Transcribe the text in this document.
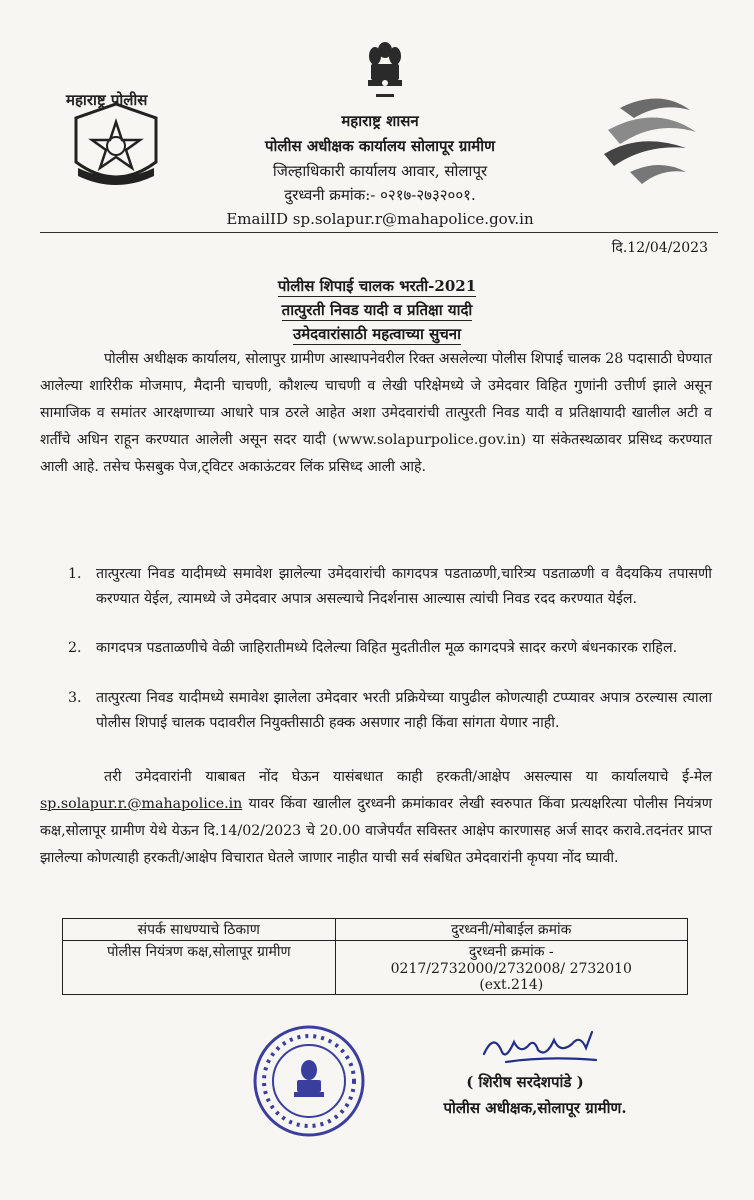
महाराष्ट्र पोलीस
महाराष्ट्र शासन
पोलीस अधीक्षक कार्यालय सोलापूर ग्रामीण
जिल्हाधिकारी कार्यालय आवार, सोलापूर
दुरध्वनी क्रमांक:- ०२१७-२७३२००१.
EmailID sp.solapur.r@mahapolice.gov.in
दि.12/04/2023
पोलीस शिपाई चालक भरती-2021
तात्पुरती निवड यादी व प्रतिक्षा यादी
उमेदवारांसाठी महत्वाच्या सुचना
पोलीस अधीक्षक कार्यालय, सोलापुर ग्रामीण आस्थापनेवरील रिक्त असलेल्या पोलीस शिपाई चालक 28 पदासाठी घेण्यात आलेल्या शारिरीक मोजमाप, मैदानी चाचणी, कौशल्य चाचणी व लेखी परिक्षेमध्ये जे उमेदवार विहित गुणांनी उत्तीर्ण झाले असून सामाजिक व समांतर आरक्षणाच्या आधारे पात्र ठरले आहेत अशा उमेदवारांची तात्पुरती निवड यादी व प्रतिक्षायादी खालील अटी व शर्तींचे अधिन राहून करण्यात आलेली असून सदर यादी (www.solapurpolice.gov.in) या संकेतस्थळावर प्रसिध्द करण्यात आली आहे. तसेच फेसबुक पेज,ट्विटर अकाऊंटवर लिंक प्रसिध्द आली आहे.
1. तात्पुरत्या निवड यादीमध्ये समावेश झालेल्या उमेदवारांची कागदपत्र पडताळणी,चारित्र्य पडताळणी व वैदयकिय तपासणी करण्यात येईल, त्यामध्ये जे उमेदवार अपात्र असल्याचे निदर्शनास आल्यास त्यांची निवड रदद करण्यात येईल.
2. कागदपत्र पडताळणीचे वेळी जाहिरातीमध्ये दिलेल्या विहित मुदतीतील मूळ कागदपत्रे सादर करणे बंधनकारक राहिल.
3. तात्पुरत्या निवड यादीमध्ये समावेश झालेला उमेदवार भरती प्रक्रियेच्या यापुढील कोणत्याही टप्प्यावर अपात्र ठरल्यास त्याला पोलीस शिपाई चालक पदावरील नियुक्तीसाठी हक्क असणार नाही किंवा सांगता येणार नाही.
तरी उमेदवारांनी याबाबत नोंद घेऊन यासंबधात काही हरकती/आक्षेप असल्यास या कार्यालयाचे ई-मेल sp.solapur.r.@mahapolice.in यावर किंवा खालील दुरध्वनी क्रमांकावर लेखी स्वरुपात किंवा प्रत्यक्षरित्या पोलीस नियंत्रण कक्ष,सोलापूर ग्रामीण येथे येऊन दि.14/02/2023 चे 20.00 वाजेपर्यंत सविस्तर आक्षेप कारणासह अर्ज सादर करावे.तदनंतर प्राप्त झालेल्या कोणत्याही हरकती/आक्षेप विचारात घेतले जाणार नाहीत याची सर्व संबधित उमेदवारांनी कृपया नोंद घ्यावी.
संपर्क साधण्याचे ठिकाण	दुरध्वनी/मोबाईल क्रमांक
पोलीस नियंत्रण कक्ष,सोलापूर ग्रामीण	दुरध्वनी क्रमांक -
0217/2732000/2732008/ 2732010
(ext.214)
( शिरीष सरदेशपांडे )
पोलीस अधीक्षक,सोलापूर ग्रामीण.
